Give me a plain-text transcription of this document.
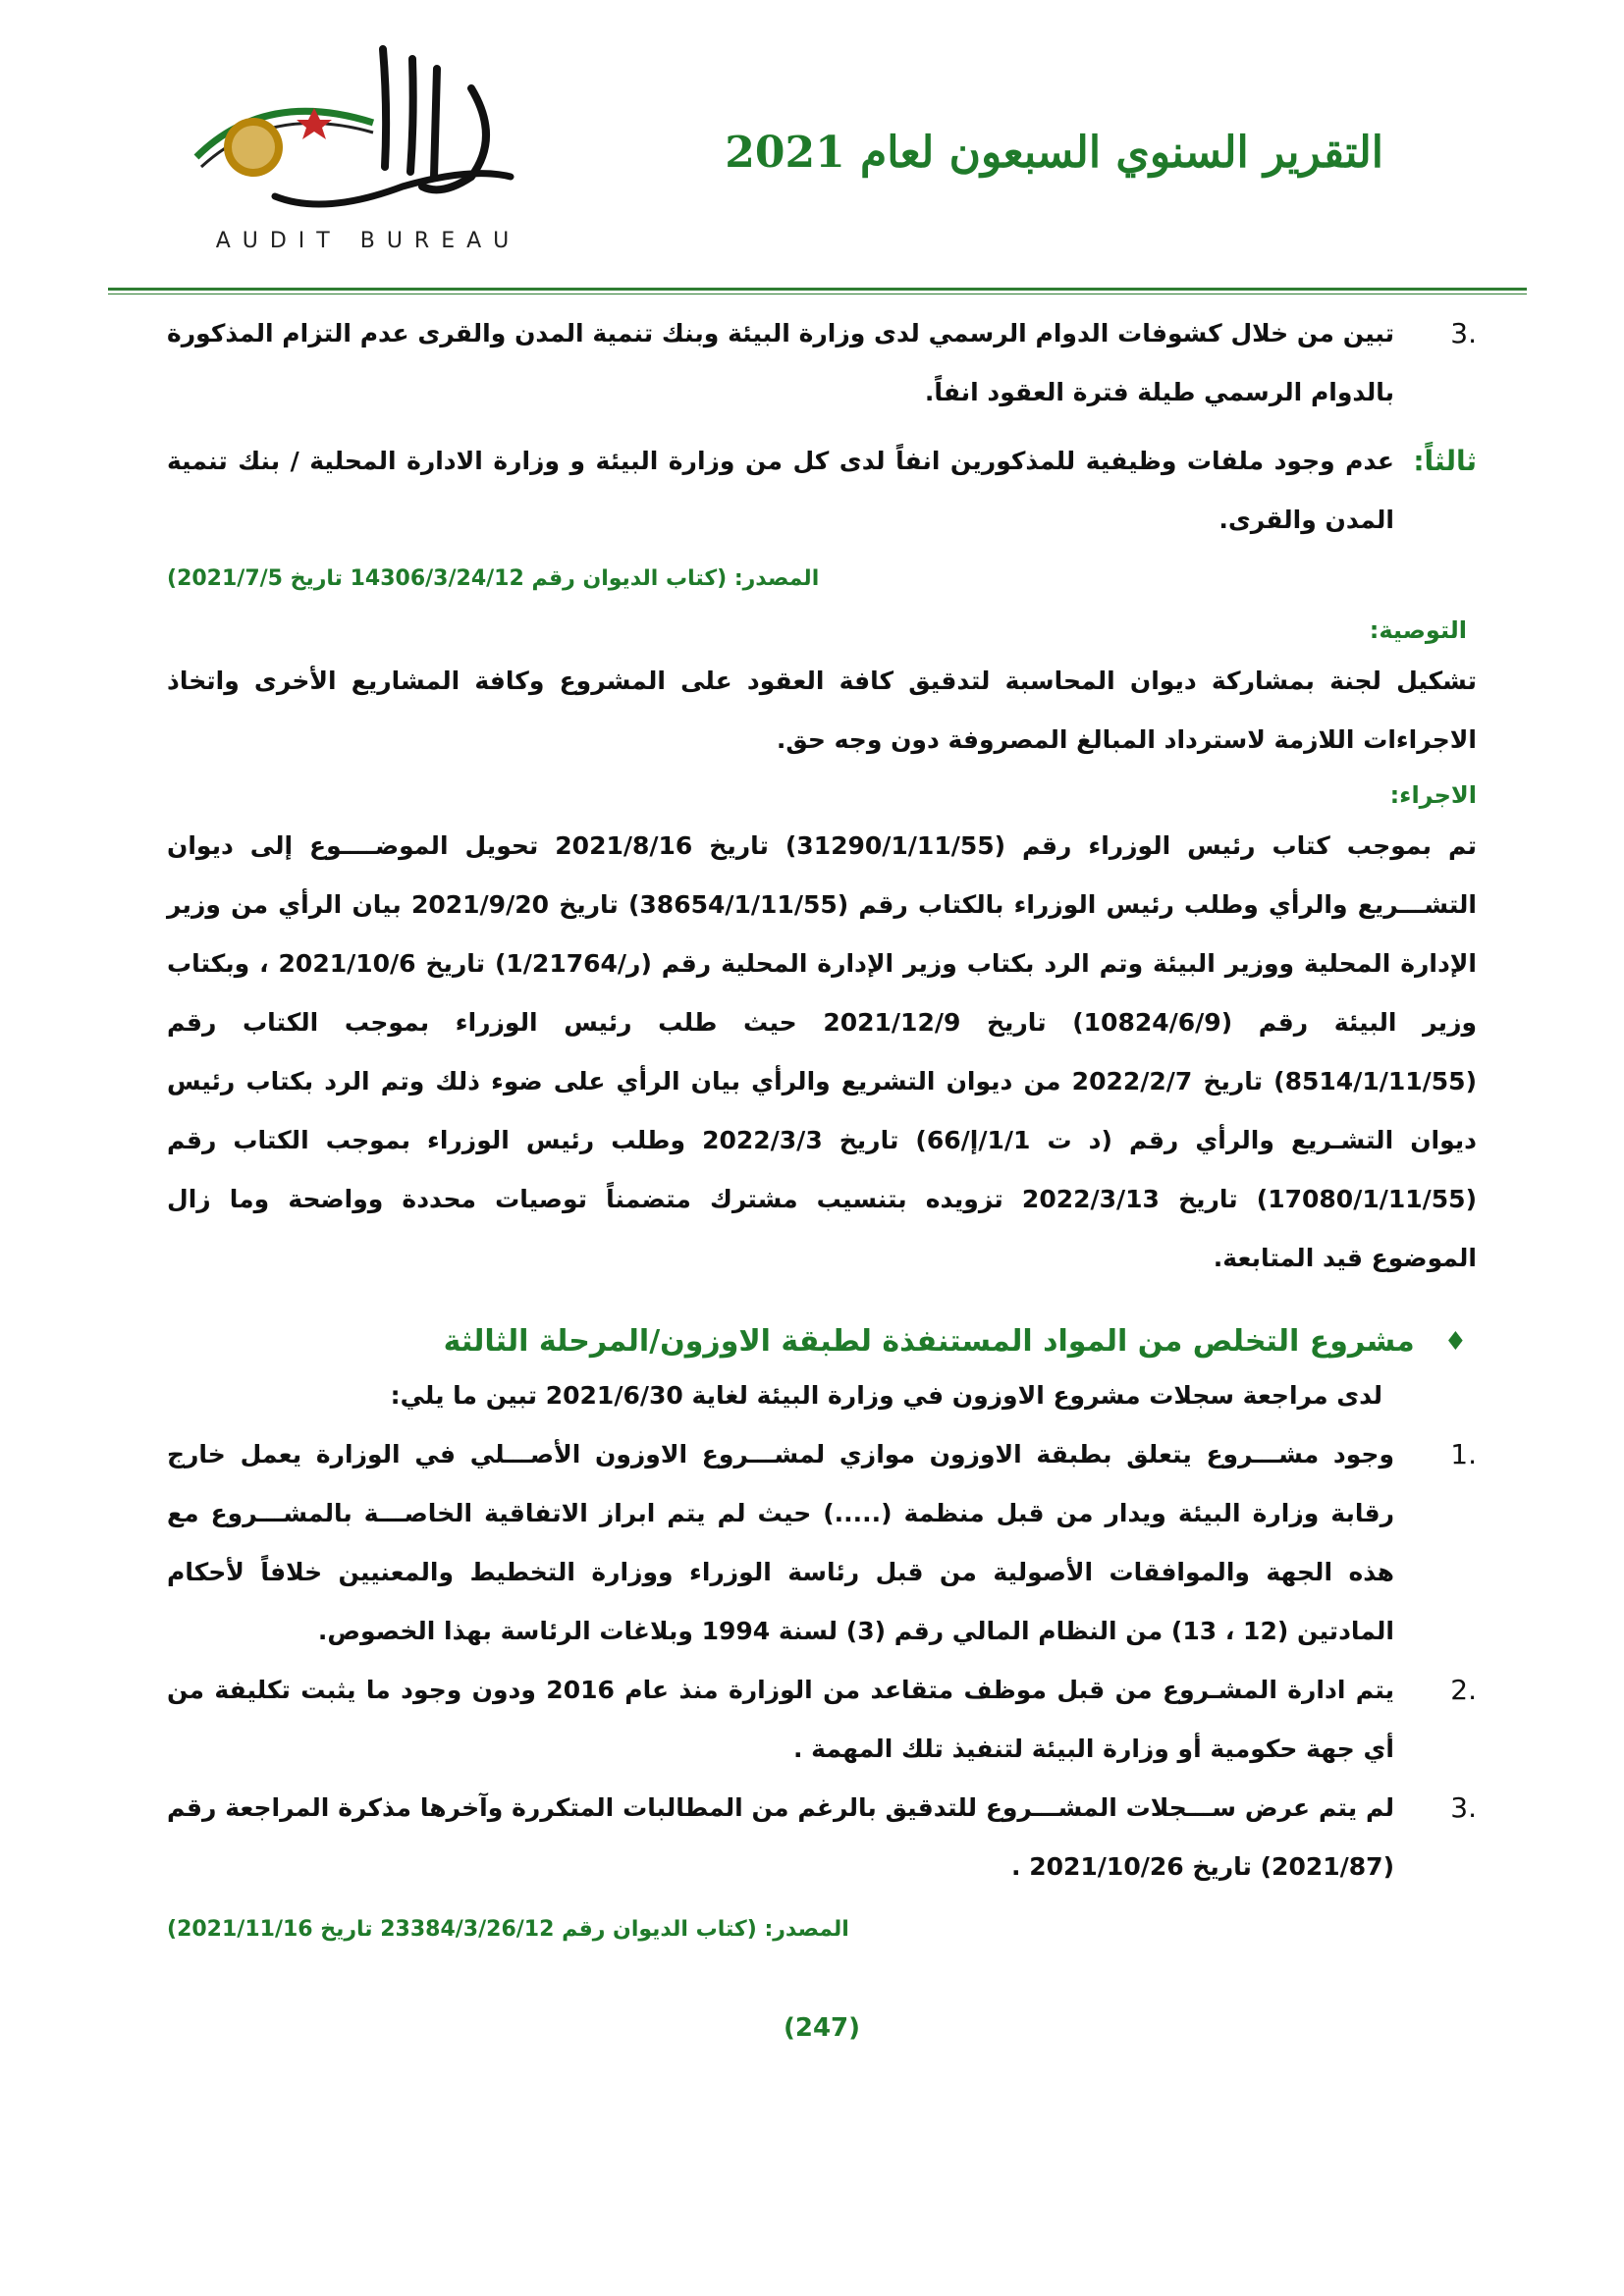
AUDIT BUREAU
التقرير السنوي السبعون لعام 2021
3.
تبين من خلال كشوفات الدوام الرسمي لدى وزارة البيئة وبنك تنمية المدن والقرى عدم التزام المذكورة بالدوام الرسمي طيلة فترة العقود انفاً.
ثالثاً:
عدم وجود ملفات وظيفية للمذكورين انفاً لدى كل من وزارة البيئة و وزارة الادارة المحلية / بنك تنمية المدن والقرى.
المصدر: (كتاب الديوان رقم 14306/3/24/12 تاريخ 2021/7/5)
التوصية:
تشكيل لجنة بمشاركة ديوان المحاسبة لتدقيق كافة العقود على المشروع وكافة المشاريع الأخرى واتخاذ الاجراءات اللازمة لاسترداد المبالغ المصروفة دون وجه حق.
الاجراء:
تم بموجب كتاب رئيس الوزراء رقم (31290/1/11/55) تاريخ 2021/8/16 تحويل الموضــــوع إلى ديوان التشـــريع والرأي وطلب رئيس الوزراء بالكتاب رقم (38654/1/11/55) تاريخ 2021/9/20 بيان الرأي من وزير الإدارة المحلية ووزير البيئة وتم الرد بكتاب وزير الإدارة المحلية رقم (ر/1/21764) تاريخ 2021/10/6 ، وبكتاب وزير البيئة رقم (10824/6/9) تاريخ 2021/12/9 حيث طلب رئيس الوزراء بموجب الكتاب رقم (8514/1/11/55) تاريخ 2022/2/7 من ديوان التشريع والرأي بيان الرأي على ضوء ذلك وتم الرد بكتاب رئيس ديوان التشـريع والرأي رقم (د ت 1/1/إ/66) تاريخ 2022/3/3 وطلب رئيس الوزراء بموجب الكتاب رقم (17080/1/11/55) تاريخ 2022/3/13 تزويده بتنسيب مشترك متضمناً توصيات محددة وواضحة وما زال الموضوع قيد المتابعة.
♦
مشروع التخلص من المواد المستنفذة لطبقة الاوزون/المرحلة الثالثة
لدى مراجعة سجلات مشروع الاوزون في وزارة البيئة لغاية 2021/6/30 تبين ما يلي:
1.
وجود مشـــروع يتعلق بطبقة الاوزون موازي لمشـــروع الاوزون الأصـــلي في الوزارة يعمل خارج رقابة وزارة البيئة ويدار من قبل منظمة (.....) حيث لم يتم ابراز الاتفاقية الخاصـــة بالمشـــروع مع هذه الجهة والموافقات الأصولية من قبل رئاسة الوزراء ووزارة التخطيط والمعنيين خلافاً لأحكام المادتين (12 ، 13) من النظام المالي رقم (3) لسنة 1994 وبلاغات الرئاسة بهذا الخصوص.
2.
يتم ادارة المشـروع من قبل موظف متقاعد من الوزارة منذ عام 2016 ودون وجود ما يثبت تكليفة من أي جهة حكومية أو وزارة البيئة لتنفيذ تلك المهمة .
3.
لم يتم عرض ســـجلات المشـــروع للتدقيق بالرغم من المطالبات المتكررة وآخرها مذكرة المراجعة رقم (2021/87) تاريخ 2021/10/26 .
المصدر: (كتاب الديوان رقم 23384/3/26/12 تاريخ 2021/11/16)
(247)
